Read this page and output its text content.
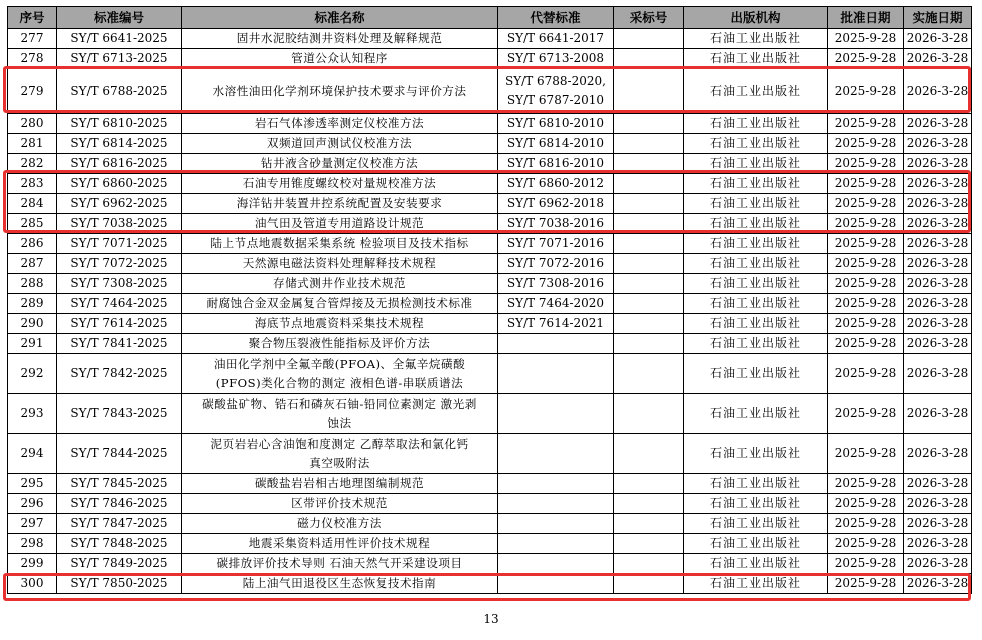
序号	标准编号	标准名称	代替标准	采标号	出版机构	批准日期	实施日期
277	SY/T 6641-2025	固井水泥胶结测井资料处理及解释规范	SY/T 6641-2017		石油工业出版社	2025-9-28	2026-3-28
278	SY/T 6713-2025	管道公众认知程序	SY/T 6713-2008		石油工业出版社	2025-9-28	2026-3-28
279	SY/T 6788-2025	水溶性油田化学剂环境保护技术要求与评价方法	SY/T 6788-2020,
SY/T 6787-2010		石油工业出版社	2025-9-28	2026-3-28
280	SY/T 6810-2025	岩石气体渗透率测定仪校准方法	SY/T 6810-2010		石油工业出版社	2025-9-28	2026-3-28
281	SY/T 6814-2025	双频道回声测试仪校准方法	SY/T 6814-2010		石油工业出版社	2025-9-28	2026-3-28
282	SY/T 6816-2025	钻井液含砂量测定仪校准方法	SY/T 6816-2010		石油工业出版社	2025-9-28	2026-3-28
283	SY/T 6860-2025	石油专用锥度螺纹校对量规校准方法	SY/T 6860-2012		石油工业出版社	2025-9-28	2026-3-28
284	SY/T 6962-2025	海洋钻井装置井控系统配置及安装要求	SY/T 6962-2018		石油工业出版社	2025-9-28	2026-3-28
285	SY/T 7038-2025	油气田及管道专用道路设计规范	SY/T 7038-2016		石油工业出版社	2025-9-28	2026-3-28
286	SY/T 7071-2025	陆上节点地震数据采集系统 检验项目及技术指标	SY/T 7071-2016		石油工业出版社	2025-9-28	2026-3-28
287	SY/T 7072-2025	天然源电磁法资料处理解释技术规程	SY/T 7072-2016		石油工业出版社	2025-9-28	2026-3-28
288	SY/T 7308-2025	存储式测井作业技术规范	SY/T 7308-2016		石油工业出版社	2025-9-28	2026-3-28
289	SY/T 7464-2025	耐腐蚀合金双金属复合管焊接及无损检测技术标准	SY/T 7464-2020		石油工业出版社	2025-9-28	2026-3-28
290	SY/T 7614-2025	海底节点地震资料采集技术规程	SY/T 7614-2021		石油工业出版社	2025-9-28	2026-3-28
291	SY/T 7841-2025	聚合物压裂液性能指标及评价方法			石油工业出版社	2025-9-28	2026-3-28
292	SY/T 7842-2025	油田化学剂中全氟辛酸(PFOA)、全氟辛烷磺酸
(PFOS)类化合物的测定 液相色谱-串联质谱法			石油工业出版社	2025-9-28	2026-3-28
293	SY/T 7843-2025	碳酸盐矿物、锆石和磷灰石铀-铅同位素测定 激光剥
蚀法			石油工业出版社	2025-9-28	2026-3-28
294	SY/T 7844-2025	泥页岩岩心含油饱和度测定 乙醇萃取法和氯化钙
真空吸附法			石油工业出版社	2025-9-28	2026-3-28
295	SY/T 7845-2025	碳酸盐岩岩相古地理图编制规范			石油工业出版社	2025-9-28	2026-3-28
296	SY/T 7846-2025	区带评价技术规范			石油工业出版社	2025-9-28	2026-3-28
297	SY/T 7847-2025	磁力仪校准方法			石油工业出版社	2025-9-28	2026-3-28
298	SY/T 7848-2025	地震采集资料适用性评价技术规程			石油工业出版社	2025-9-28	2026-3-28
299	SY/T 7849-2025	碳排放评价技术导则 石油天然气开采建设项目			石油工业出版社	2025-9-28	2026-3-28
300	SY/T 7850-2025	陆上油气田退役区生态恢复技术指南			石油工业出版社	2025-9-28	2026-3-28
13
